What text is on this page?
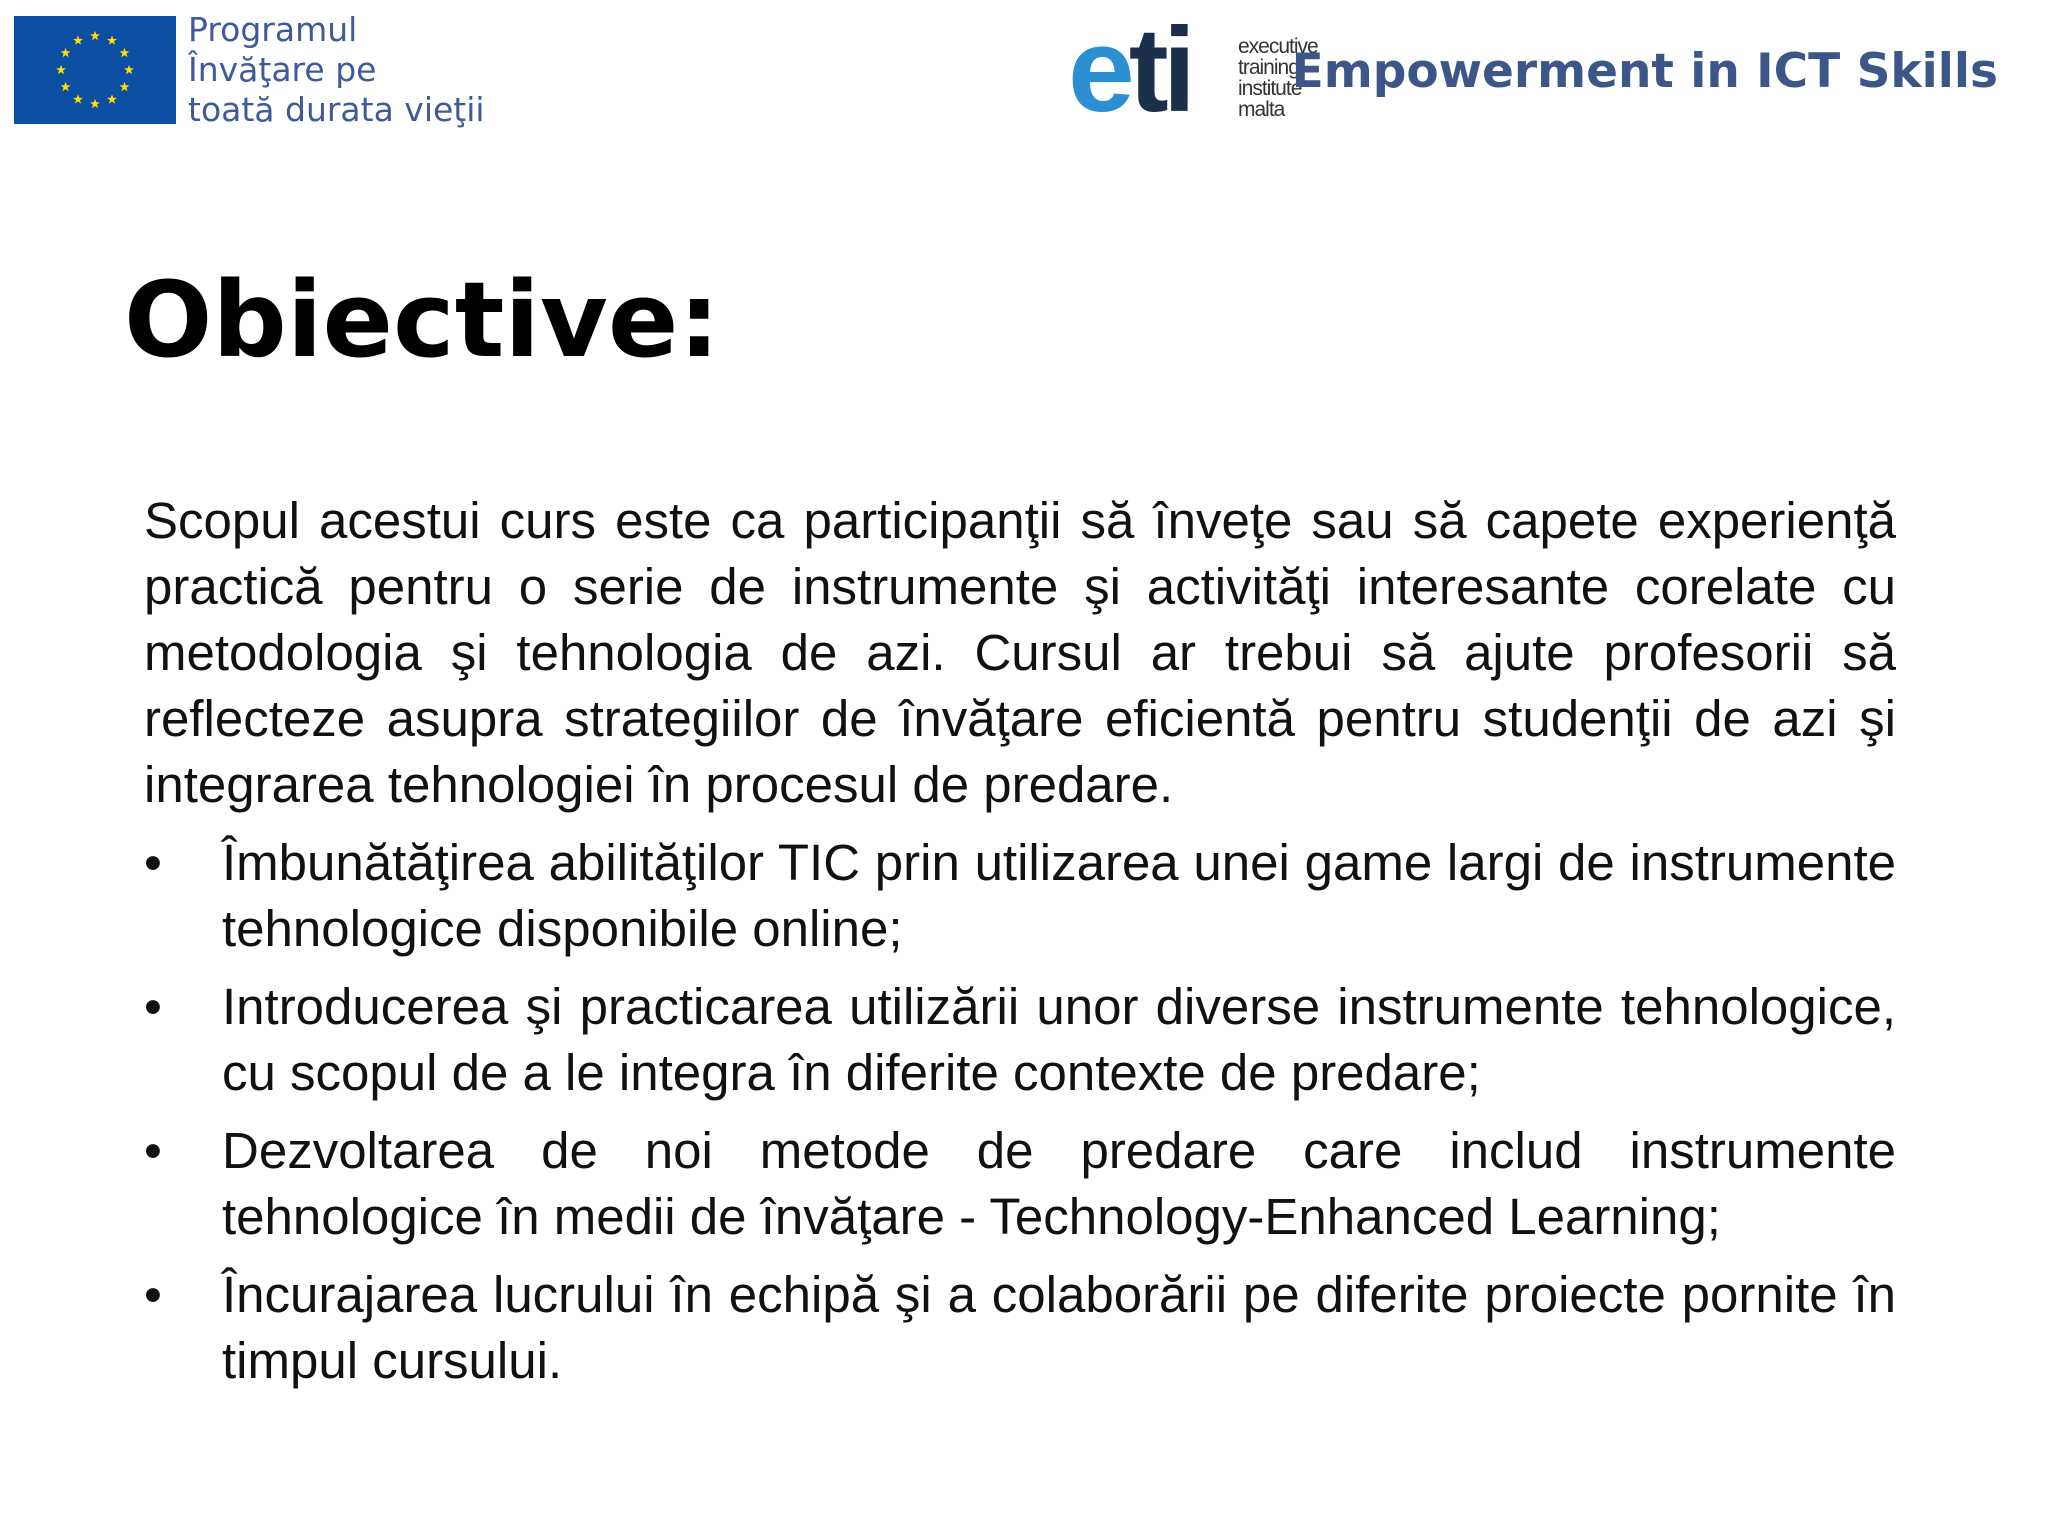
Programul
Învăţare pe
toată durata vieţii	eti executive
training
institute
malta
Empowerment in ICT Skills
Obiective:

Scopul acestui curs este ca participanţii să înveţe sau să capete experienţă practică pentru o serie de instrumente şi activităţi interesante corelate cu metodologia şi tehnologia de azi. Cursul ar trebui să ajute profesorii să reflecteze asupra strategiilor de învăţare eficientă pentru studenţii de azi şi integrarea tehnologiei în procesul de predare.

• Îmbunătăţirea abilităţilor TIC prin utilizarea unei game largi de instrumente tehnologice disponibile online;
• Introducerea şi practicarea utilizării unor diverse instrumente tehnologice, cu scopul de a le integra în diferite contexte de predare;
• Dezvoltarea de noi metode de predare care includ instrumente tehnologice în medii de învăţare - Technology-Enhanced Learning;
• Încurajarea lucrului în echipă şi a colaborării pe diferite proiecte pornite în timpul cursului.
